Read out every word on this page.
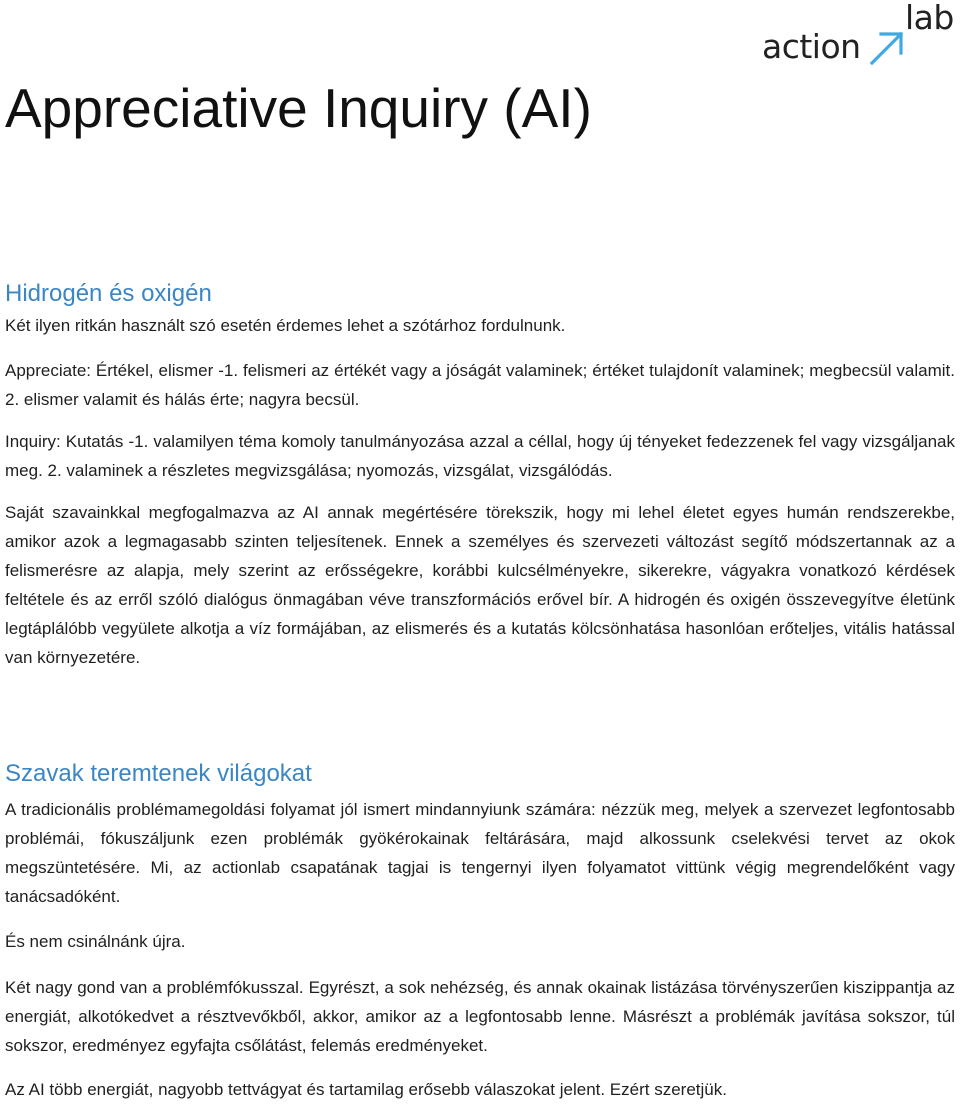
action
lab
Appreciative Inquiry (AI)
Hidrogén és oxigén

Két ilyen ritkán használt szó esetén érdemes lehet a szótárhoz fordulnunk.

Appreciate: Értékel, elismer -1. felismeri az értékét vagy a jóságát valaminek; értéket tulajdonít valaminek; megbecsül valamit. 2. elismer valamit és hálás érte; nagyra becsül.

Inquiry: Kutatás -1. valamilyen téma komoly tanulmányozása azzal a céllal, hogy új tényeket fedezzenek fel vagy vizsgáljanak meg. 2. valaminek a részletes megvizsgálása; nyomozás, vizsgálat, vizsgálódás.

Saját szavainkkal megfogalmazva az AI annak megértésére törekszik, hogy mi lehel életet egyes humán rendszerekbe, amikor azok a legmagasabb szinten teljesítenek. Ennek a személyes és szervezeti változást segítő módszertannak az a felismerésre az alapja, mely szerint az erősségekre, korábbi kulcsélményekre, sikerekre, vágyakra vonatkozó kérdések feltétele és az erről szóló dialógus önmagában véve transzformációs erővel bír. A hidrogén és oxigén összevegyítve életünk legtáplálóbb vegyülete alkotja a víz formájában, az elismerés és a kutatás kölcsönhatása hasonlóan erőteljes, vitális hatással van környezetére.

Szavak teremtenek világokat

A tradicionális problémamegoldási folyamat jól ismert mindannyiunk számára: nézzük meg, melyek a szervezet legfontosabb problémái, fókuszáljunk ezen problémák gyökérokainak feltárására, majd alkossunk cselekvési tervet az okok megszüntetésére. Mi, az actionlab csapatának tagjai is tengernyi ilyen folyamatot vittünk végig megrendelőként vagy tanácsadóként.

És nem csinálnánk újra.

Két nagy gond van a problémfókusszal. Egyrészt, a sok nehézség, és annak okainak listázása törvényszerűen kiszippantja az energiát, alkotókedvet a résztvevőkből, akkor, amikor az a legfontosabb lenne. Másrészt a problémák javítása sokszor, túl sokszor, eredményez egyfajta csőlátást, felemás eredményeket.

Az AI több energiát, nagyobb tettvágyat és tartamilag erősebb válaszokat jelent. Ezért szeretjük.
